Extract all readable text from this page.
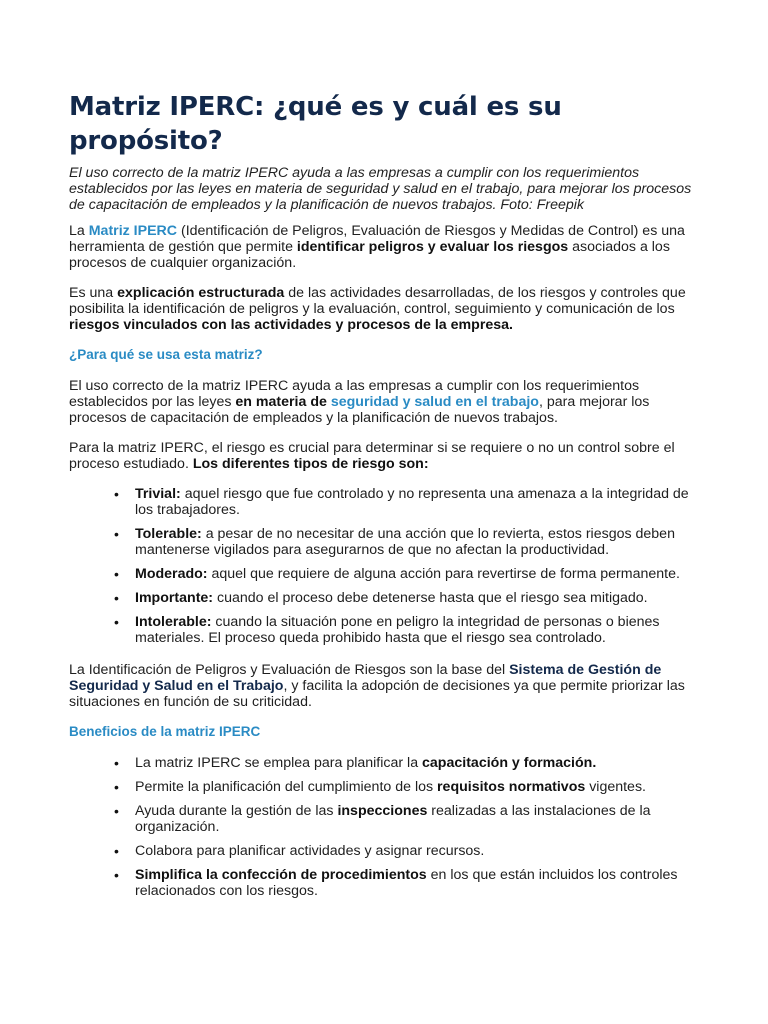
Matriz IPERC: ¿qué es y cuál es su propósito?

El uso correcto de la matriz IPERC ayuda a las empresas a cumplir con los requerimientos establecidos por las leyes en materia de seguridad y salud en el trabajo, para mejorar los procesos de capacitación de empleados y la planificación de nuevos trabajos. Foto: Freepik

La Matriz IPERC (Identificación de Peligros, Evaluación de Riesgos y Medidas de Control) es una herramienta de gestión que permite identificar peligros y evaluar los riesgos asociados a los procesos de cualquier organización.

Es una explicación estructurada de las actividades desarrolladas, de los riesgos y controles que posibilita la identificación de peligros y la evaluación, control, seguimiento y comunicación de los riesgos vinculados con las actividades y procesos de la empresa.

¿Para qué se usa esta matriz?

El uso correcto de la matriz IPERC ayuda a las empresas a cumplir con los requerimientos establecidos por las leyes en materia de seguridad y salud en el trabajo, para mejorar los procesos de capacitación de empleados y la planificación de nuevos trabajos.

Para la matriz IPERC, el riesgo es crucial para determinar si se requiere o no un control sobre el proceso estudiado. Los diferentes tipos de riesgo son:

• Trivial: aquel riesgo que fue controlado y no representa una amenaza a la integridad de los trabajadores.
• Tolerable: a pesar de no necesitar de una acción que lo revierta, estos riesgos deben mantenerse vigilados para asegurarnos de que no afectan la productividad.
• Moderado: aquel que requiere de alguna acción para revertirse de forma permanente.
• Importante: cuando el proceso debe detenerse hasta que el riesgo sea mitigado.
• Intolerable: cuando la situación pone en peligro la integridad de personas o bienes materiales. El proceso queda prohibido hasta que el riesgo sea controlado.

La Identificación de Peligros y Evaluación de Riesgos son la base del Sistema de Gestión de Seguridad y Salud en el Trabajo, y facilita la adopción de decisiones ya que permite priorizar las situaciones en función de su criticidad.

Beneficios de la matriz IPERC
• La matriz IPERC se emplea para planificar la capacitación y formación.
• Permite la planificación del cumplimiento de los requisitos normativos vigentes.
• Ayuda durante la gestión de las inspecciones realizadas a las instalaciones de la organización.
• Colabora para planificar actividades y asignar recursos.
• Simplifica la confección de procedimientos en los que están incluidos los controles relacionados con los riesgos.
